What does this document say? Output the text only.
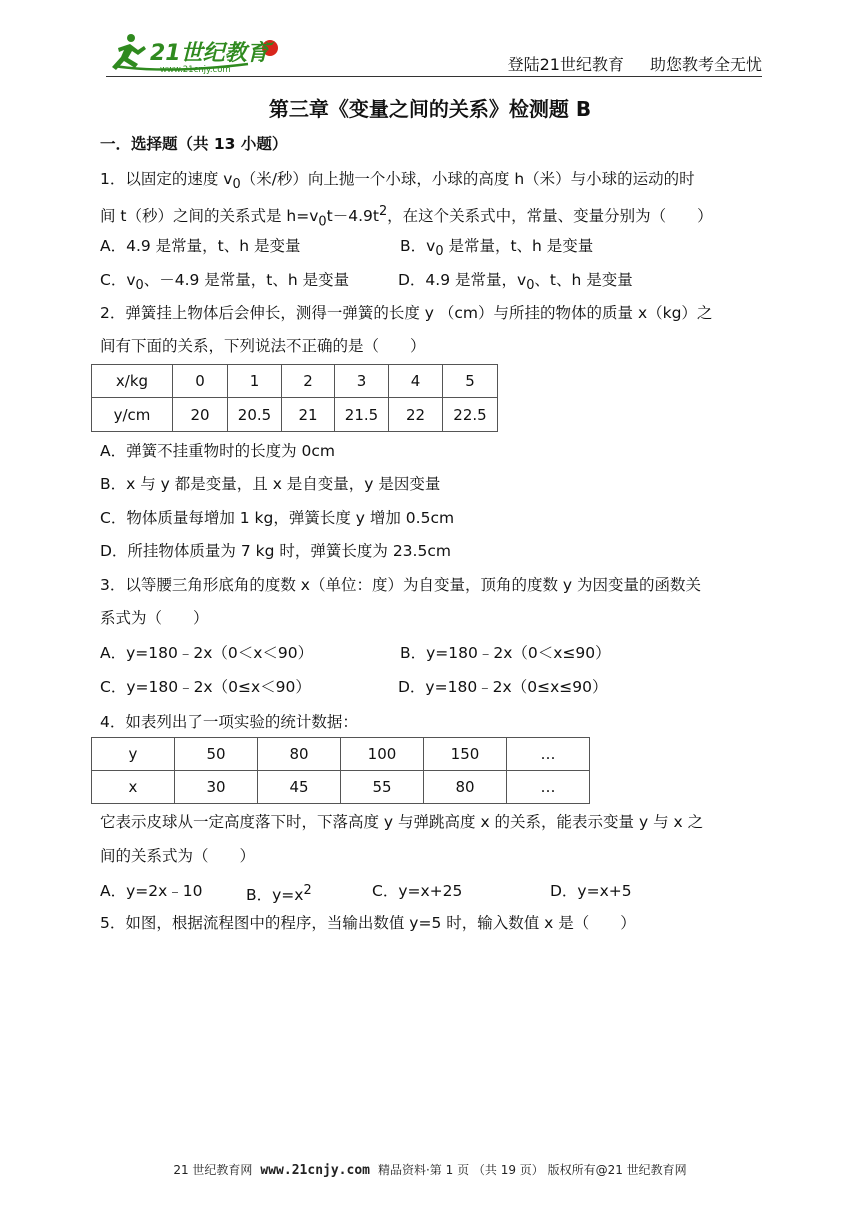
21世纪教育
www.21cnjy.com	登陆21世纪教育 助您教考全无忧
第三章《变量之间的关系》检测题 B
一．选择题（共 13 小题）
1．以固定的速度 $v_0$（米/秒）向上抛一个小球，小球的高度 h（米）与小球的运动的时
间 t（秒）之间的关系式是 $h=v_0t-4.9t^2$，在这个关系式中，常量、变量分别为（　　）
A．4.9 是常量，t、h 是变量	B．$v_0$ 是常量，t、h 是变量
C．$v_0$、－4.9 是常量，t、h 是变量	D．4.9 是常量，$v_0$、t、h 是变量
2．弹簧挂上物体后会伸长，测得一弹簧的长度 y （cm）与所挂的物体的质量 x（kg）之
间有下面的关系，下列说法不正确的是（　　）
x/kg	0	1	2	3	4	5
y/cm	20	20.5	21	21.5	22	22.5
A．弹簧不挂重物时的长度为 0cm
B．x 与 y 都是变量，且 x 是自变量，y 是因变量
C．物体质量每增加 1 kg，弹簧长度 y 增加 0.5cm
D．所挂物体质量为 7 kg 时，弹簧长度为 23.5cm
3．以等腰三角形底角的度数 x（单位：度）为自变量，顶角的度数 y 为因变量的函数关
系式为（　　）
A．y=180﹣2x（0＜x＜90）	B．y=180﹣2x（0＜x≤90）
C．y=180﹣2x（0≤x＜90）	D．y=180﹣2x（0≤x≤90）
4．如表列出了一项实验的统计数据：
y	50	80	100	150	…
x	30	45	55	80	…
它表示皮球从一定高度落下时，下落高度 y 与弹跳高度 x 的关系，能表示变量 y 与 x 之
间的关系式为（　　）
A．y=2x﹣10	B．$y=x^2$	C．y=x+25	D．y=x+5
5．如图，根据流程图中的程序，当输出数值 y=5 时，输入数值 x 是（　　）
21 世纪教育网 www.21cnjy.com 精品资料·第 1 页 （共 19 页） 版权所有@21 世纪教育网
